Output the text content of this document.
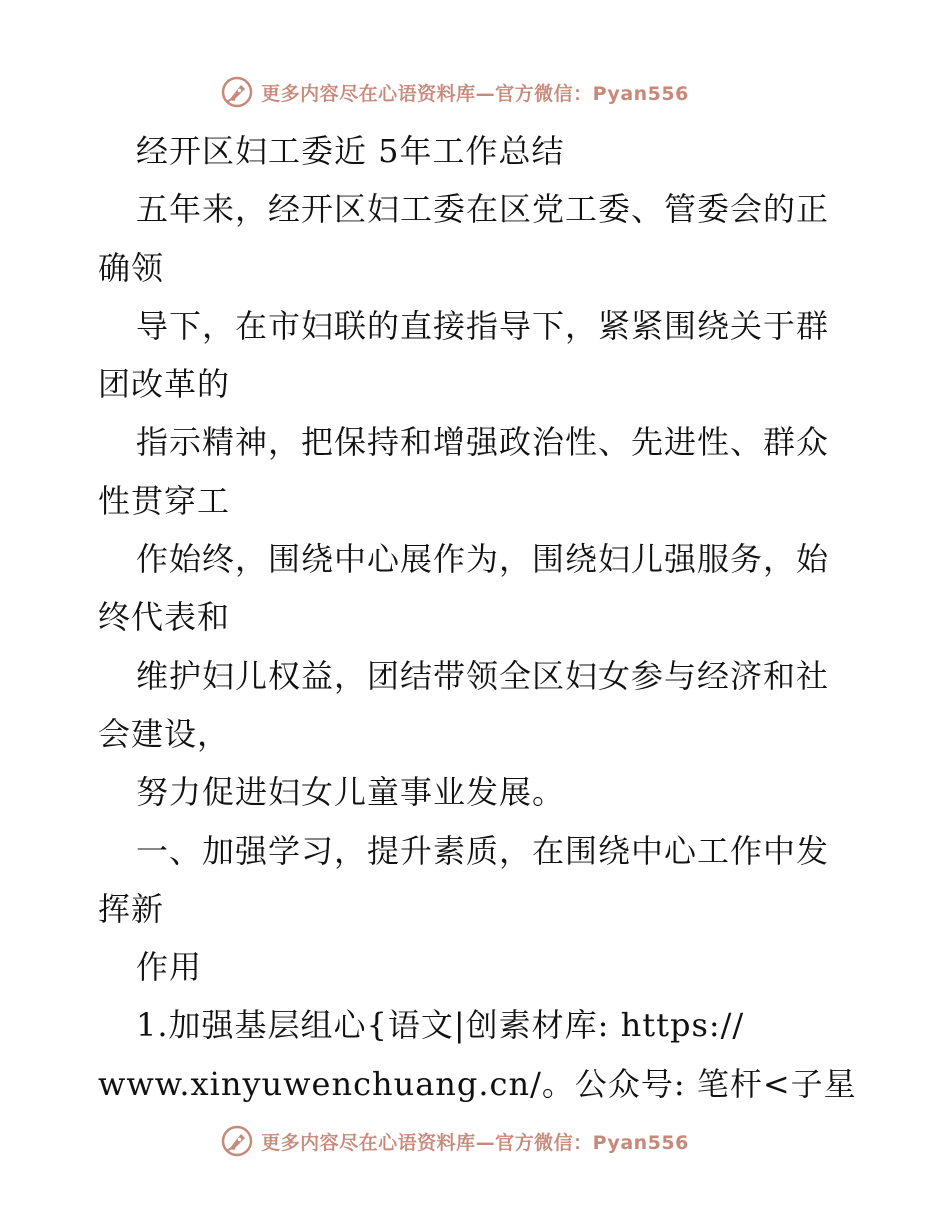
更多内容尽在心语资料库—官方微信：Pyan556
经开区妇工委近 5年工作总结
五年来，经开区妇工委在区党工委、管委会的正
确领
导下，在市妇联的直接指导下，紧紧围绕关于群
团改革的
指示精神，把保持和增强政治性、先进性、群众
性贯穿工
作始终，围绕中心展作为，围绕妇儿强服务，始
终代表和
维护妇儿权益，团结带领全区妇女参与经济和社
会建设，
努力促进妇女儿童事业发展。
一、加强学习，提升素质，在围绕中心工作中发
挥新
作用
1.加强基层组心{语文|创素材库: https://
www.xinyuwenchuang.cn/。公众号: 笔杆<子星
更多内容尽在心语资料库—官方微信：Pyan556
